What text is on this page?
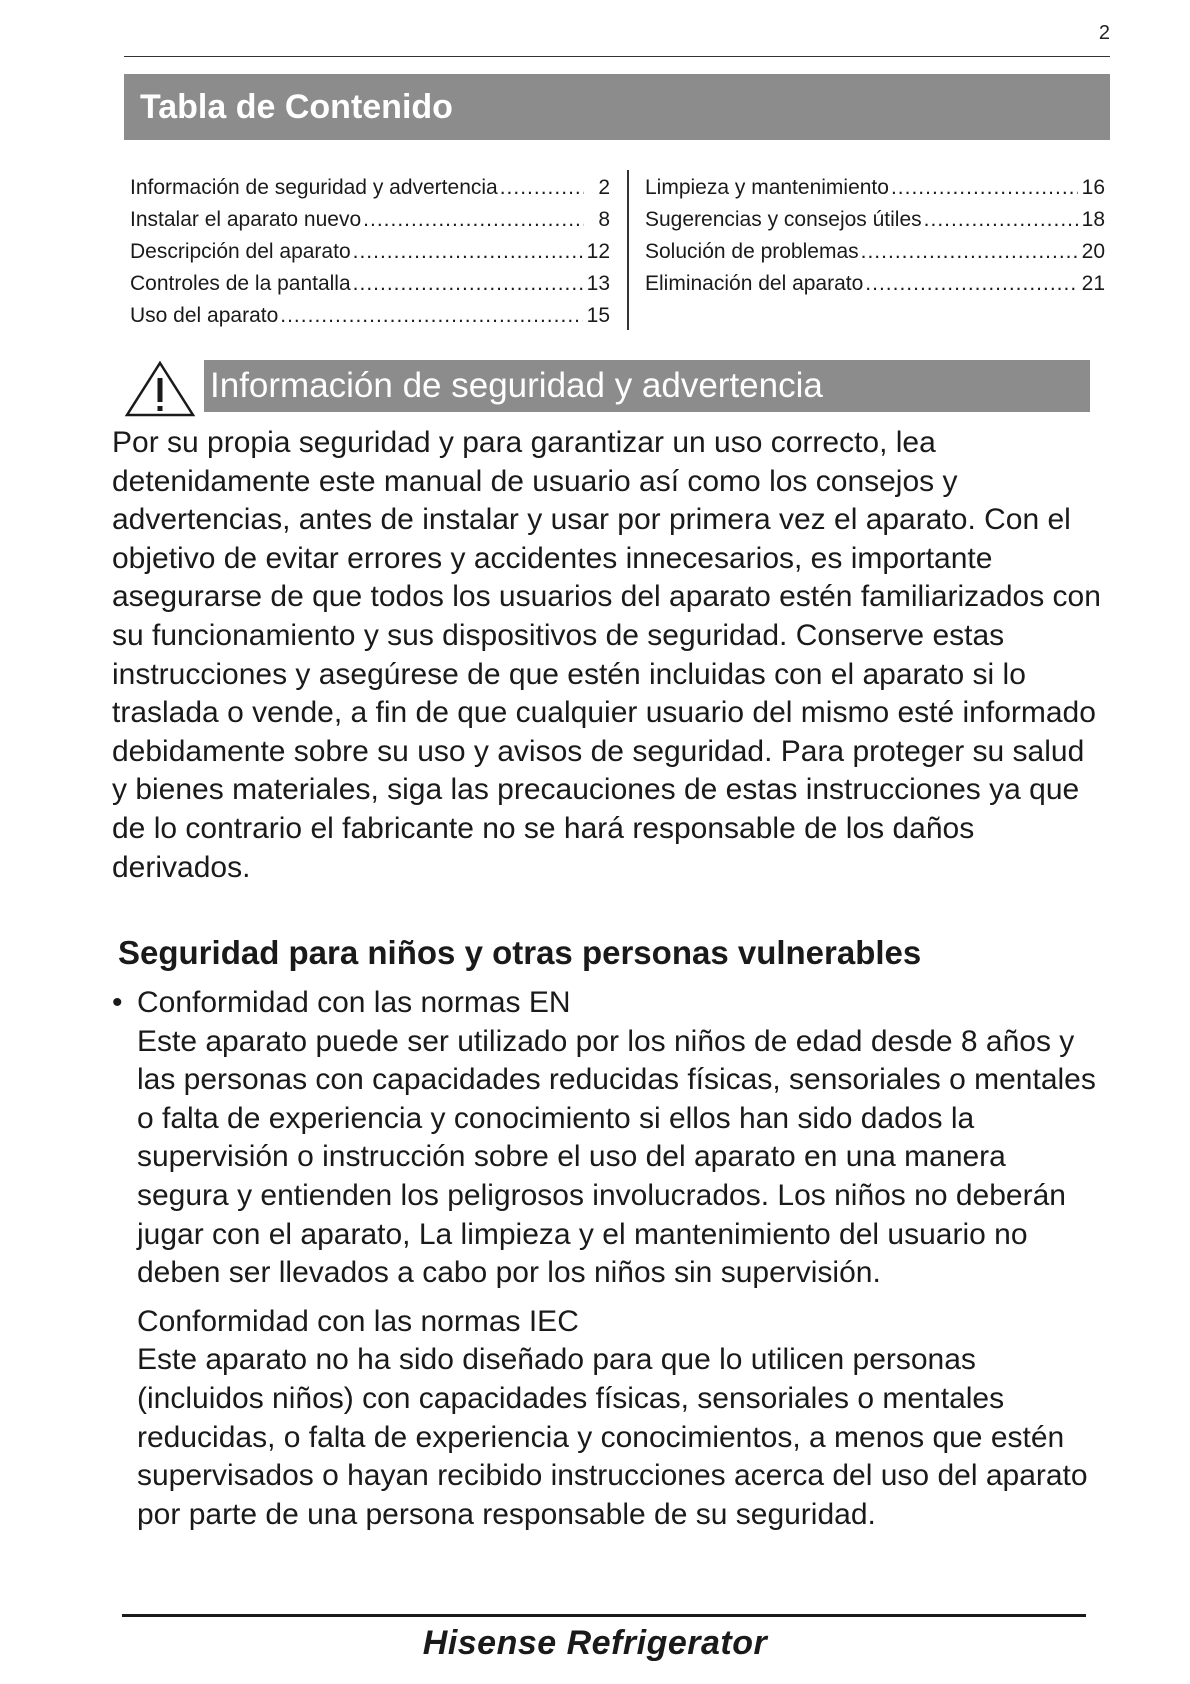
2
Tabla de Contenido
Información de seguridad y advertencia .....	2
Instalar el aparato nuevo .....	8
Descripción del aparato .....	12
Controles de la pantalla .....	13
Uso del aparato .....	15
Limpieza y mantenimiento .....	16
Sugerencias y consejos útiles .....	18
Solución de problemas .....	20
Eliminación del aparato .....	21
Información de seguridad y advertencia

Por su propia seguridad y para garantizar un uso correcto, lea detenidamente este manual de usuario así como los consejos y advertencias, antes de instalar y usar por primera vez el aparato. Con el objetivo de evitar errores y accidentes innecesarios, es importante asegurarse de que todos los usuarios del aparato estén familiarizados con su funcionamiento y sus dispositivos de seguridad. Conserve estas instrucciones y asegúrese de que estén incluidas con el aparato si lo traslada o vende, a fin de que cualquier usuario del mismo esté informado debidamente sobre su uso y avisos de seguridad. Para proteger su salud y bienes materiales, siga las precauciones de estas instrucciones ya que de lo contrario el fabricante no se hará responsable de los daños derivados.

Seguridad para niños y otras personas vulnerables
• Conformidad con las normas EN

Este aparato puede ser utilizado por los niños de edad desde 8 años y las personas con capacidades reducidas físicas, sensoriales o mentales o falta de experiencia y conocimiento si ellos han sido dados la supervisión o instrucción sobre el uso del aparato en una manera segura y entienden los peligrosos involucrados. Los niños no deberán jugar con el aparato, La limpieza y el mantenimiento del usuario no deben ser llevados a cabo por los niños sin supervisión.

Conformidad con las normas IEC

Este aparato no ha sido diseñado para que lo utilicen personas (incluidos niños) con capacidades físicas, sensoriales o mentales reducidas, o falta de experiencia y conocimientos, a menos que estén supervisados o hayan recibido instrucciones acerca del uso del aparato por parte de una persona responsable de su seguridad.

Hisense Refrigerator
